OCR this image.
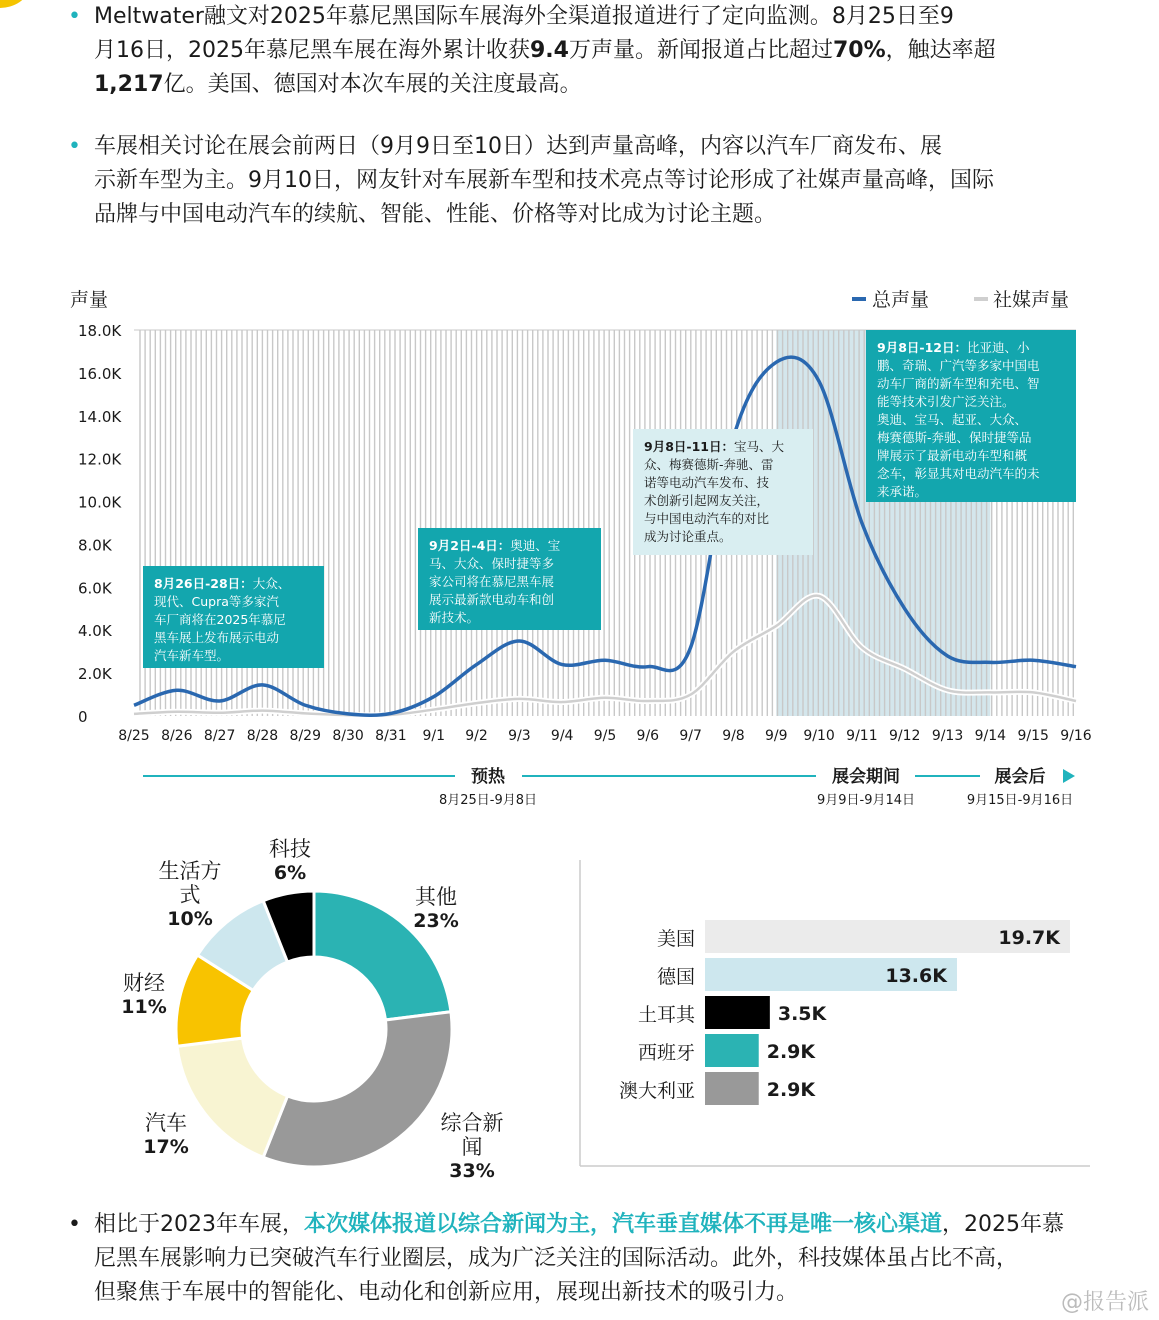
• Meltwater融文对2025年慕尼黑国际车展海外全渠道报道进行了定向监测。8月25日至9
月16日，2025年慕尼黑车展在海外累计收获9.4万声量。新闻报道占比超过70%，触达率超
1,217亿。美国、德国对本次车展的关注度最高。
• 车展相关讨论在展会前两日（9月9日至10日）达到声量高峰，内容以汽车厂商发布、展
示新车型为主。9月10日，网友针对车展新车型和技术亮点等讨论形成了社媒声量高峰，国际
品牌与中国电动汽车的续航、智能、性能、价格等对比成为讨论主题。
8/25 8/26 8/27 8/28 8/29 8/30 8/31 9/1 9/2 9/3 9/4 9/5 9/6 9/7 9/8 9/9 9/10 9/11 9/12 9/13 9/14 9/15 9/16
声量
0
2.0K
4.0K
6.0K
8.0K
10.0K
12.0K
14.0K
16.0K
18.0K
8月26日-28日：大众、现代、Cupra等多家汽车厂商将在2025年慕尼黑车展上发布展示电动汽车新车型。
9月2日-4日：奥迪、宝马、大众、保时捷等多家公司将在慕尼黑车展展示最新款电动车和创新技术。
9月8日-11日：宝马、大众、梅赛德斯-奔驰、雷诺等电动汽车发布、技术创新引起网友关注，与中国电动汽车的对比成为讨论重点。
9月8日-12日：比亚迪、小鹏、奇瑞、广汽等多家中国电动车厂商的新车型和充电、智能等技术引发广泛关注。奥迪、宝马、起亚、大众、梅赛德斯-奔驰、保时捷等品牌展示了最新电动车型和概念车，彰显其对电动汽车的未来承诺。
总声量	社媒声量
预热
8月25日-9月8日
展会期间
9月9日-9月14日
展会后
9月15日-9月16日
其他 23%
综合新闻 33%
汽车 17%
财经 11%
生活方式 10%
科技 6%
美国	19.7K
德国	13.6K
土耳其	3.5K
西班牙	2.9K
澳大利亚	2.9K
• 相比于2023年车展，本次媒体报道以综合新闻为主，汽车垂直媒体不再是唯一核心渠道，2025年慕
尼黑车展影响力已突破汽车行业圈层，成为广泛关注的国际活动。此外，科技媒体虽占比不高，
但聚焦于车展中的智能化、电动化和创新应用，展现出新技术的吸引力。	@报告派
